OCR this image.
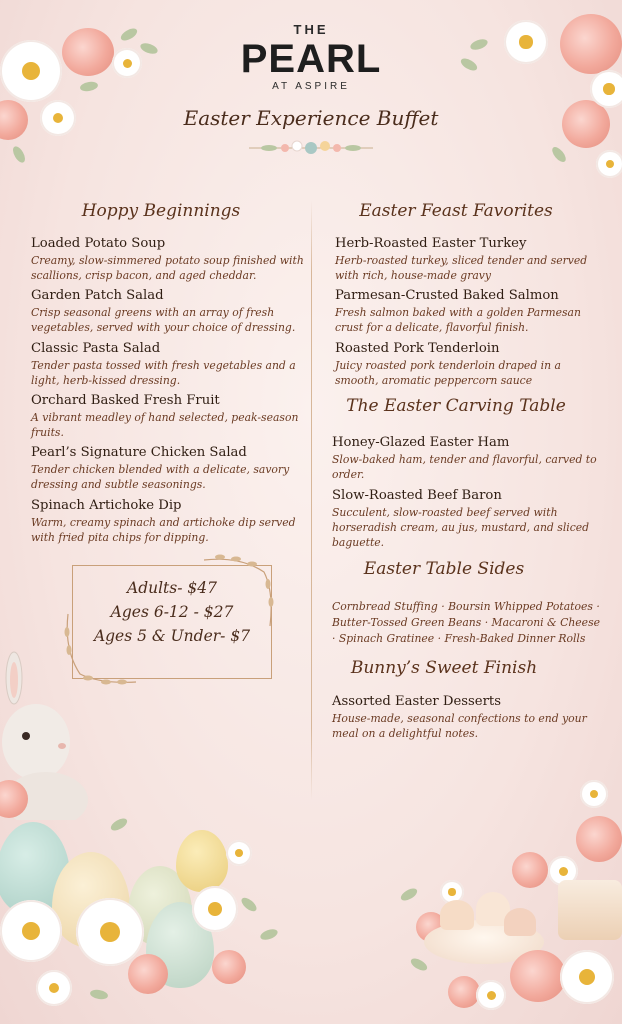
THE
PEARL
AT ASPIRE
Easter Experience Buffet
Hoppy Beginnings
Loaded Potato Soup
Creamy, slow-simmered potato soup finished with scallions, crisp bacon, and aged cheddar.
Garden Patch Salad
Crisp seasonal greens with an array of fresh vegetables, served with your choice of dressing.
Classic Pasta Salad
Tender pasta tossed with fresh vegetables and a light, herb-kissed dressing.
Orchard Basked Fresh Fruit
A vibrant meadley of hand selected, peak-season fruits.
Pearl’s Signature Chicken Salad
Tender chicken blended with a delicate, savory dressing and subtle seasonings.
Spinach Artichoke Dip
Warm, creamy spinach and artichoke dip served with fried pita chips for dipping.
Adults- $47
Ages 6-12 - $27
Ages 5 & Under- $7
Easter Feast Favorites
Herb-Roasted Easter Turkey
Herb-roasted turkey, sliced tender and served with rich, house-made gravy
Parmesan-Crusted Baked Salmon
Fresh salmon baked with a golden Parmesan crust for a delicate, flavorful finish.
Roasted Pork Tenderloin
Juicy roasted pork tenderloin draped in a smooth, aromatic peppercorn sauce
The Easter Carving Table
Honey-Glazed Easter Ham
Slow-baked ham, tender and flavorful, carved to order.
Slow-Roasted Beef Baron
Succulent, slow-roasted beef served with horseradish cream, au jus, mustard, and sliced baguette.
Easter Table Sides
Cornbread Stuffing · Boursin Whipped Potatoes · Butter-Tossed Green Beans · Macaroni & Cheese · Spinach Gratinee · Fresh-Baked Dinner Rolls
Bunny’s Sweet Finish
Assorted Easter Desserts
House-made, seasonal confections to end your meal on a delightful notes.
